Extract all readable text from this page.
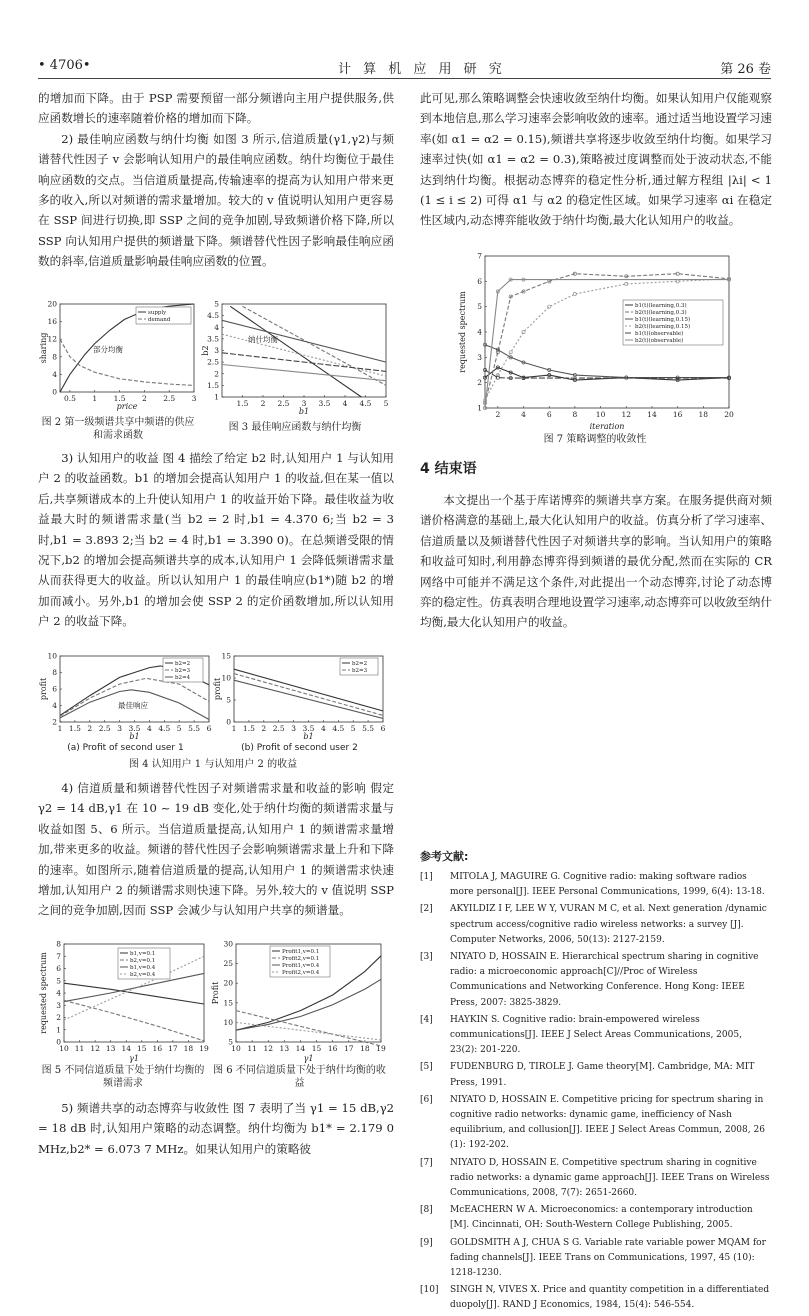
• 4706•	计 算 机 应 用 研 究	第 26 卷

的增加而下降。由于 PSP 需要预留一部分频谱向主用户提供服务,供应函数增长的速率随着价格的增加而下降。

2) 最佳响应函数与纳什均衡 如图 3 所示,信道质量(γ1,γ2)与频谱替代性因子 v 会影响认知用户的最佳响应函数。纳什均衡位于最佳响应函数的交点。当信道质量提高,传输速率的提高为认知用户带来更多的收入,所以对频谱的需求量增加。较大的 v 值说明认知用户更容易在 SSP 间进行切换,即 SSP 之间的竞争加剧,导致频谱价格下降,所以 SSP 向认知用户提供的频谱量下降。频谱替代性因子影响最佳响应函数的斜率,信道质量影响最佳响应函数的位置。

0.5 1 1.5 2 2.5 3
0
4
8
12
16
20
price
sharing
supply
demand
部分均衡
图 2 第一级频谱共享中频谱的供应和需求函数
1.5 2 2.5 3 3.5 4 4.5 5
1
1.5
2
2.5
3
3.5
4
4.5
5
b1
b2
纳什均衡
图 3 最佳响应函数与纳什均衡

3) 认知用户的收益 图 4 描绘了给定 b2 时,认知用户 1 与认知用户 2 的收益函数。b1 的增加会提高认知用户 1 的收益,但在某一值以后,共享频谱成本的上升使认知用户 1 的收益开始下降。最佳收益为收益最大时的频谱需求量(当 b2 = 2 时,b1 = 4.370 6;当 b2 = 3 时,b1 = 3.893 2;当 b2 = 4 时,b1 = 3.390 0)。在总频谱受限的情况下,b2 的增加会提高频谱共享的成本,认知用户 1 会降低频谱需求量从而获得更大的收益。所以认知用户 1 的最佳响应(b1*)随 b2 的增加而减小。另外,b1 的增加会使 SSP 2 的定价函数增加,所以认知用户 2 的收益下降。

1 1.5 2 2.5 3 3.5 4 4.5 5 5.5 6
2
4
6
8
10
b1
profit
b2=2
b2=3
b2=4
最佳响应
1 1.5 2 2.5 3 3.5 4 4.5 5 5.5 6
0
5
10
15
b1
profit
b2=2
b2=3
(a) Profit of second user 1	(b) Profit of second user 2
图 4 认知用户 1 与认知用户 2 的收益

4) 信道质量和频谱替代性因子对频谱需求量和收益的影响 假定 γ2 = 14 dB,γ1 在 10 ~ 19 dB 变化,处于纳什均衡的频谱需求量与收益如图 5、6 所示。当信道质量提高,认知用户 1 的频谱需求量增加,带来更多的收益。频谱的替代性因子会影响频谱需求量上升和下降的速率。如图所示,随着信道质量的提高,认知用户 1 的频谱需求快速增加,认知用户 2 的频谱需求则快速下降。另外,较大的 v 值说明 SSP 之间的竞争加剧,因而 SSP 会减少与认知用户共享的频谱量。

10 11 12 13 14 15 16 17 18 19
0
1
2
3
4
5
6
7
8
γ1
requested spectrum	b1,v=0.1
b2,v=0.1
b1,v=0.4
b2,v=0.4
10 11 12 13 14 15 16 17 18 19
5
10
15
20
25
30
γ1
Profit
Profit1,v=0.1
Profit2,v=0.1
Profit1,v=0.4
Profit2,v=0.4
图 5 不同信道质量下处于纳什均衡的频谱需求
图 6 不同信道质量下处于纳什均衡的收益

5) 频谱共享的动态博弈与收敛性 图 7 表明了当 γ1 = 15 dB,γ2 = 18 dB 时,认知用户策略的动态调整。纳什均衡为 b1* = 2.179 0 MHz,b2* = 6.073 7 MHz。如果认知用户的策略彼

此可见,那么策略调整会快速收敛至纳什均衡。如果认知用户仅能观察到本地信息,那么学习速率会影响收敛的速率。通过适当地设置学习速率(如 α1 = α2 = 0.15),频谱共享将逐步收敛至纳什均衡。如果学习速率过快(如 α1 = α2 = 0.3),策略被过度调整而处于波动状态,不能达到纳什均衡。根据动态博弈的稳定性分析,通过解方程组 |λi| < 1 (1 ≤ i ≤ 2) 可得 α1 与 α2 的稳定性区域。如果学习速率 αi 在稳定性区域内,动态博弈能收敛于纳什均衡,最大化认知用户的收益。

2	4	6	8 10 12 14 16 18 20
1
2
3
4
5
6
7
iteration
requested spectrum	b1(t)(learning,0.3)
b2(t)(learning,0.3)
b1(t)(learning,0.15)
b2(t)(learning,0.15)
b1(t)(observable)
b2(t)(observable)
图 7 策略调整的收敛性
4 结束语

本文提出一个基于库诺博弈的频谱共享方案。在服务提供商对频谱价格满意的基础上,最大化认知用户的收益。仿真分析了学习速率、信道质量以及频谱替代性因子对频谱共享的影响。当认知用户的策略和收益可知时,利用静态博弈得到频谱的最优分配,然而在实际的 CR 网络中可能并不满足这个条件,对此提出一个动态博弈,讨论了动态博弈的稳定性。仿真表明合理地设置学习速率,动态博弈可以收敛至纳什均衡,最大化认知用户的收益。

参考文献:
[1]	MITOLA J, MAGUIRE G. Cognitive radio: making software radios more personal[J]. IEEE Personal Communications, 1999, 6(4): 13-18.
[2]	AKYILDIZ I F, LEE W Y, VURAN M C, et al. Next generation /dynamic spectrum access/cognitive radio wireless networks: a survey [J]. Computer Networks, 2006, 50(13): 2127-2159.
[3]	NIYATO D, HOSSAIN E. Hierarchical spectrum sharing in cognitive radio: a microeconomic approach[C]//Proc of Wireless Communications and Networking Conference. Hong Kong: IEEE Press, 2007: 3825-3829.
[4]	HAYKIN S. Cognitive radio: brain-empowered wireless communications[J]. IEEE J Select Areas Communications, 2005, 23(2): 201-220.
[5]	FUDENBURG D, TIROLE J. Game theory[M]. Cambridge, MA: MIT Press, 1991.
[6]	NIYATO D, HOSSAIN E. Competitive pricing for spectrum sharing in cognitive radio networks: dynamic game, inefficiency of Nash equilibrium, and collusion[J]. IEEE J Select Areas Commun, 2008, 26 (1): 192-202.
[7]	NIYATO D, HOSSAIN E. Competitive spectrum sharing in cognitive radio networks: a dynamic game approach[J]. IEEE Trans on Wireless Communications, 2008, 7(7): 2651-2660.
[8]	McEACHERN W A. Microeconomics: a contemporary introduction [M]. Cincinnati, OH: South-Western College Publishing, 2005.
[9]	GOLDSMITH A J, CHUA S G. Variable rate variable power MQAM for fading channels[J]. IEEE Trans on Communications, 1997, 45 (10): 1218-1230.
[10]	SINGH N, VIVES X. Price and quantity competition in a differentiated duopoly[J]. RAND J Economics, 1984, 15(4): 546-554.
